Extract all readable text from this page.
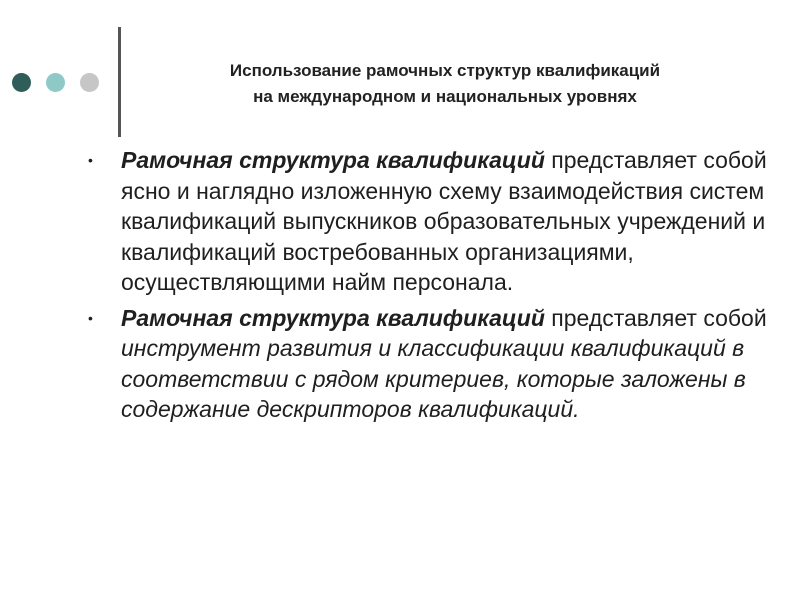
Использование рамочных структур квалификаций
на международном и национальных уровнях
• Рамочная структура квалификаций представляет собой ясно и наглядно изложенную схему взаимодействия систем квалификаций выпускников образовательных учреждений и квалификаций востребованных организациями, осуществляющими найм персонала.
• Рамочная структура квалификаций представляет собой инструмент развития и классификации квалификаций в соответствии с рядом критериев, которые заложены в содержание дескрипторов квалификаций.
